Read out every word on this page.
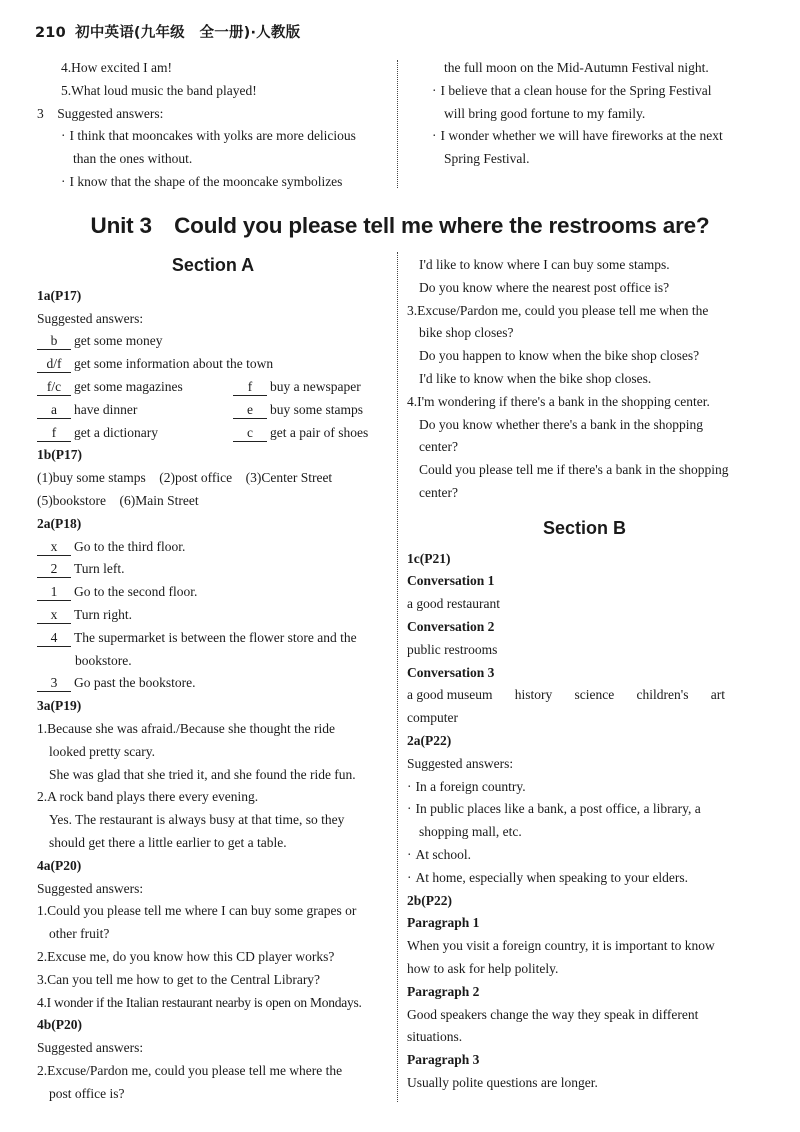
210 初中英语(九年级　全一册)·人教版

4.How excited I am!

5.What loud music the band played!

3　Suggested answers:

· I think that mooncakes with yolks are more delicious

than the ones without.

· I know that the shape of the mooncake symbolizes

the full moon on the Mid-Autumn Festival night.

· I believe that a clean house for the Spring Festival

will bring good fortune to my family.

· I wonder whether we will have fireworks at the next

Spring Festival.

Unit 3　Could you please tell me where the restrooms are?

Section A

1a(P17)

Suggested answers:

b get some money

d/f get some information about the town

f/c get some magazines	f buy a newspaper

a have dinner	e buy some stamps

f get a dictionary	c get a pair of shoes

1b(P17)

(1)buy some stamps　(2)post office　(3)Center Street

(5)bookstore　(6)Main Street

2a(P18)

x Go to the third floor.

2 Turn left.

1 Go to the second floor.

x Turn right.

4 The supermarket is between the flower store and the

bookstore.

3 Go past the bookstore.

3a(P19)

1.Because she was afraid./Because she thought the ride

looked pretty scary.

She was glad that she tried it, and she found the ride fun.

2.A rock band plays there every evening.

Yes. The restaurant is always busy at that time, so they

should get there a little earlier to get a table.

4a(P20)

Suggested answers:

1.Could you please tell me where I can buy some grapes or

other fruit?

2.Excuse me, do you know how this CD player works?

3.Can you tell me how to get to the Central Library?

4.I wonder if the Italian restaurant nearby is open on Mondays.

4b(P20)

Suggested answers:

2.Excuse/Pardon me, could you please tell me where the

post office is?

I'd like to know where I can buy some stamps.

Do you know where the nearest post office is?

3.Excuse/Pardon me, could you please tell me when the

bike shop closes?

Do you happen to know when the bike shop closes?

I'd like to know when the bike shop closes.

4.I'm wondering if there's a bank in the shopping center.

Do you know whether there's a bank in the shopping

center?

Could you please tell me if there's a bank in the shopping

center?

Section B

1c(P21)

Conversation 1

a good restaurant

Conversation 2

public restrooms

Conversation 3

a good museum history science children's art

computer

2a(P22)

Suggested answers:

· In a foreign country.

· In public places like a bank, a post office, a library, a

shopping mall, etc.

· At school.

· At home, especially when speaking to your elders.

2b(P22)

Paragraph 1

When you visit a foreign country, it is important to know

how to ask for help politely.

Paragraph 2

Good speakers change the way they speak in different

situations.

Paragraph 3

Usually polite questions are longer.
